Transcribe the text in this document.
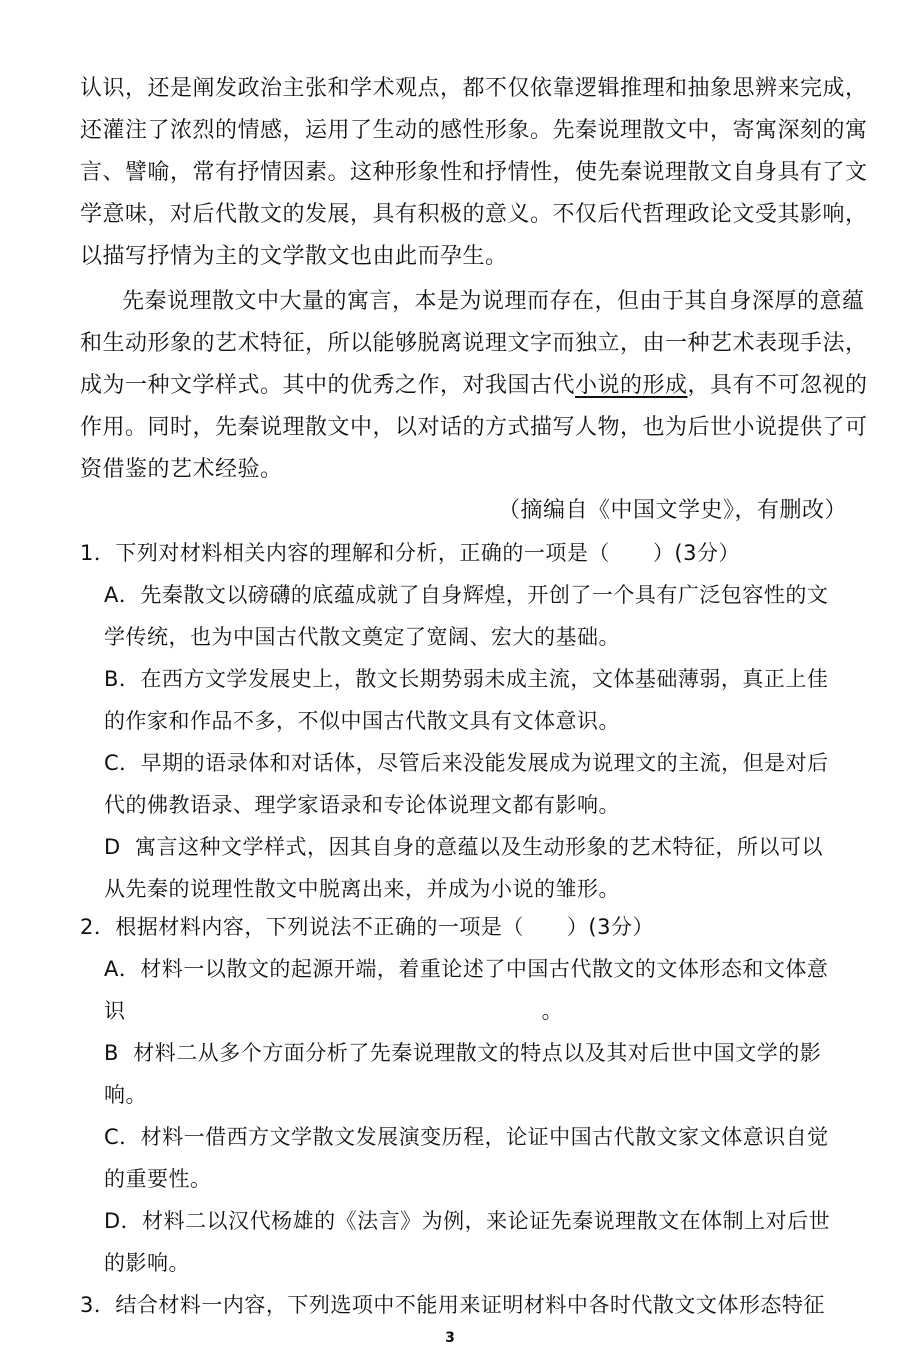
认识，还是阐发政治主张和学术观点，都不仅依靠逻辑推理和抽象思辨来完成，
还灌注了浓烈的情感，运用了生动的感性形象。先秦说理散文中，寄寓深刻的寓
言、譬喻，常有抒情因素。这种形象性和抒情性，使先秦说理散文自身具有了文
学意味，对后代散文的发展，具有积极的意义。不仅后代哲理政论文受其影响，
以描写抒情为主的文学散文也由此而孕生。
先秦说理散文中大量的寓言，本是为说理而存在，但由于其自身深厚的意蕴
和生动形象的艺术特征，所以能够脱离说理文字而独立，由一种艺术表现手法，
成为一种文学样式。其中的优秀之作，对我国古代小说的形成，具有不可忽视的
作用。同时，先秦说理散文中，以对话的方式描写人物，也为后世小说提供了可
资借鉴的艺术经验。
（摘编自《中国文学史》，有删改）
1．下列对材料相关内容的理解和分析，正确的一项是（      ）(3分）
A．先秦散文以磅礴的底蕴成就了自身辉煌，开创了一个具有广泛包容性的文
学传统，也为中国古代散文奠定了宽阔、宏大的基础。
B．在西方文学发展史上，散文长期势弱未成主流，文体基础薄弱，真正上佳
的作家和作品不多，不似中国古代散文具有文体意识。
C．早期的语录体和对话体，尽管后来没能发展成为说理文的主流，但是对后
代的佛教语录、理学家语录和专论体说理文都有影响。
D  寓言这种文学样式，因其自身的意蕴以及生动形象的艺术特征，所以可以
从先秦的说理性散文中脱离出来，并成为小说的雏形。
2．根据材料内容，下列说法不正确的一项是（      ）(3分）
A．材料一以散文的起源开端，着重论述了中国古代散文的文体形态和文体意
识                                                          。
B  材料二从多个方面分析了先秦说理散文的特点以及其对后世中国文学的影
响。
C．材料一借西方文学散文发展演变历程，论证中国古代散文家文体意识自觉
的重要性。
D．材料二以汉代杨雄的《法言》为例，来论证先秦说理散文在体制上对后世
的影响。
3．结合材料一内容，下列选项中不能用来证明材料中各时代散文文体形态特征
3
